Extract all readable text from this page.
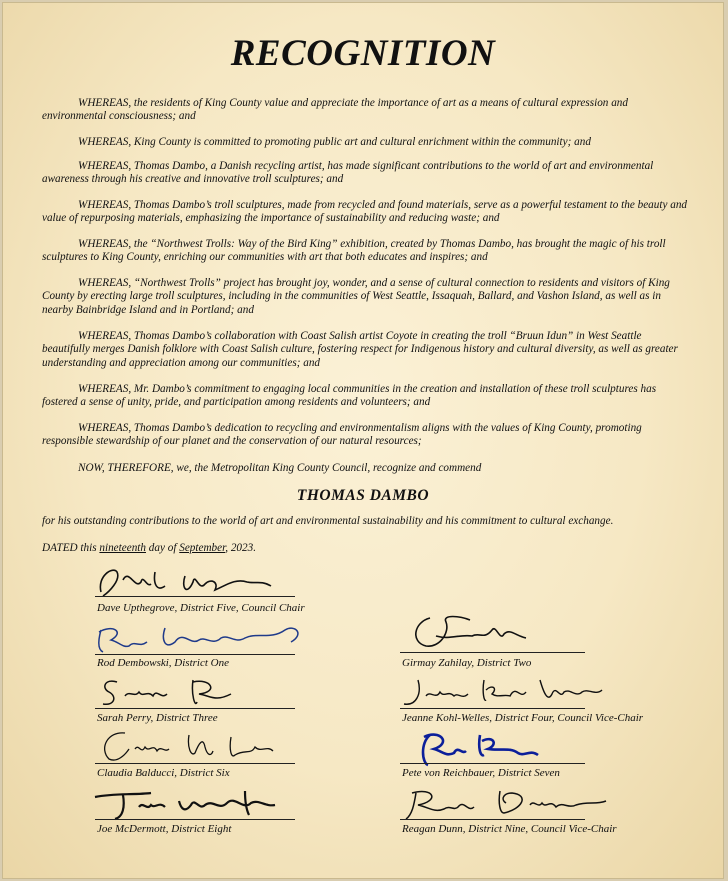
RECOGNITION
WHEREAS, the residents of King County value and appreciate the importance of art as a means of cultural expression and environmental consciousness; and
WHEREAS, King County is committed to promoting public art and cultural enrichment within the community; and
WHEREAS, Thomas Dambo, a Danish recycling artist, has made significant contributions to the world of art and environmental awareness through his creative and innovative troll sculptures; and
WHEREAS, Thomas Dambo’s troll sculptures, made from recycled and found materials, serve as a powerful testament to the beauty and value of repurposing materials, emphasizing the importance of sustainability and reducing waste; and
WHEREAS, the “Northwest Trolls: Way of the Bird King” exhibition, created by Thomas Dambo, has brought the magic of his troll sculptures to King County, enriching our communities with art that both educates and inspires; and
WHEREAS, “Northwest Trolls” project has brought joy, wonder, and a sense of cultural connection to residents and visitors of King County by erecting large troll sculptures, including in the communities of West Seattle, Issaquah, Ballard, and Vashon Island, as well as in nearby Bainbridge Island and in Portland; and
WHEREAS, Thomas Dambo’s collaboration with Coast Salish artist Coyote in creating the troll “Bruun Idun” in West Seattle beautifully merges Danish folklore with Coast Salish culture, fostering respect for Indigenous history and cultural diversity, as well as greater understanding and appreciation among our communities; and
WHEREAS, Mr. Dambo’s commitment to engaging local communities in the creation and installation of these troll sculptures has fostered a sense of unity, pride, and participation among residents and volunteers; and
WHEREAS, Thomas Dambo’s dedication to recycling and environmentalism aligns with the values of King County, promoting responsible stewardship of our planet and the conservation of our natural resources;
NOW, THEREFORE, we, the Metropolitan King County Council, recognize and commend
THOMAS DAMBO
for his outstanding contributions to the world of art and environmental sustainability and his commitment to cultural exchange.
DATED this nineteenth day of September, 2023.
Dave Upthegrove, District Five, Council Chair
Rod Dembowski, District One	Girmay Zahilay, District Two
Sarah Perry, District Three	Jeanne Kohl-Welles, District Four, Council Vice-Chair
Claudia Balducci, District Six	Pete von Reichbauer, District Seven
Joe McDermott, District Eight	Reagan Dunn, District Nine, Council Vice-Chair
